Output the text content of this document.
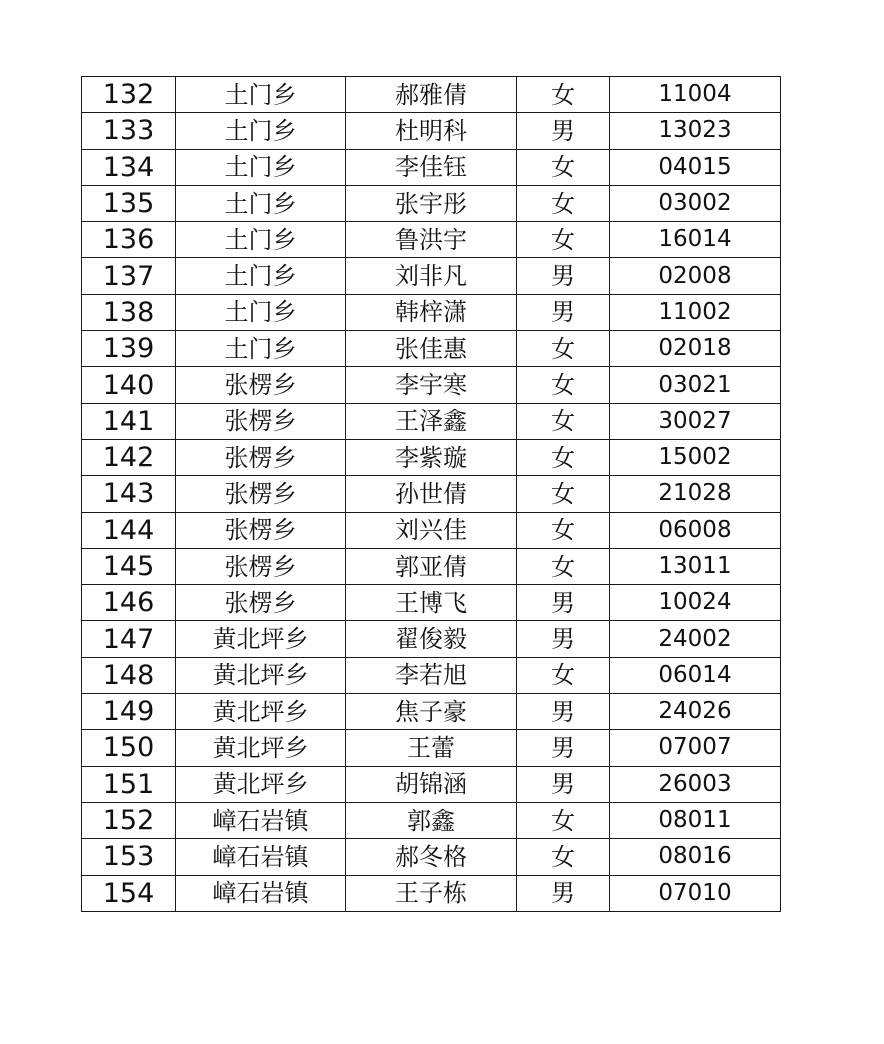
132	土门乡	郝雅倩	女	11004
133	土门乡	杜明科	男	13023
134	土门乡	李佳钰	女	04015
135	土门乡	张宇彤	女	03002
136	土门乡	鲁洪宇	女	16014
137	土门乡	刘非凡	男	02008
138	土门乡	韩梓潇	男	11002
139	土门乡	张佳惠	女	02018
140	张楞乡	李宇寒	女	03021
141	张楞乡	王泽鑫	女	30027
142	张楞乡	李紫璇	女	15002
143	张楞乡	孙世倩	女	21028
144	张楞乡	刘兴佳	女	06008
145	张楞乡	郭亚倩	女	13011
146	张楞乡	王博飞	男	10024
147	黄北坪乡	翟俊毅	男	24002
148	黄北坪乡	李若旭	女	06014
149	黄北坪乡	焦子豪	男	24026
150	黄北坪乡	王蕾	男	07007
151	黄北坪乡	胡锦涵	男	26003
152	嶂石岩镇	郭鑫	女	08011
153	嶂石岩镇	郝冬格	女	08016
154	嶂石岩镇	王子栋	男	07010
